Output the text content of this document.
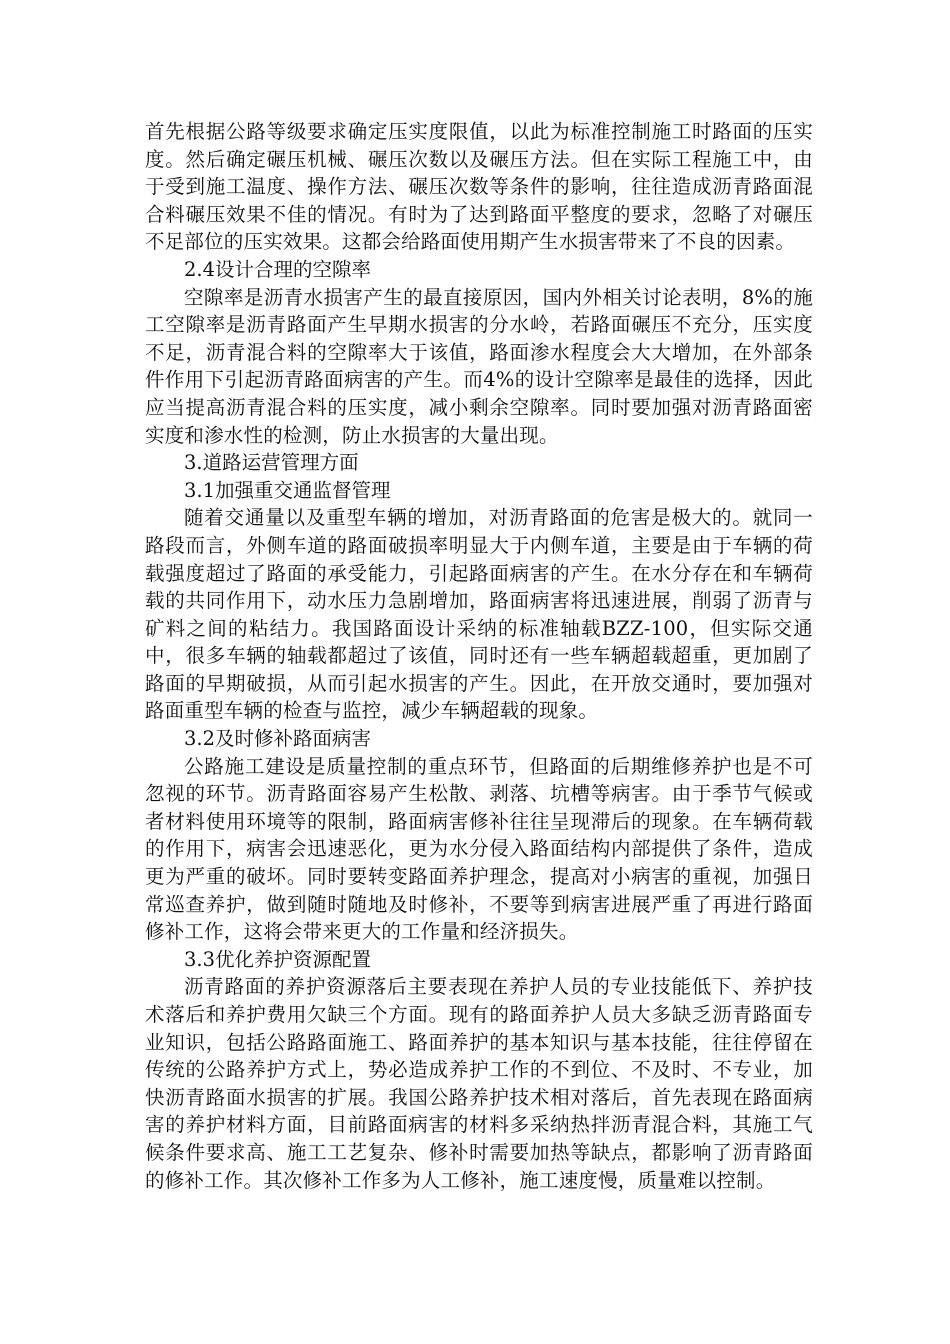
首先根据公路等级要求确定压实度限值，以此为标准控制施工时路面的压实度。然后确定碾压机械、碾压次数以及碾压方法。但在实际工程施工中，由于受到施工温度、操作方法、碾压次数等条件的影响，往往造成沥青路面混合料碾压效果不佳的情况。有时为了达到路面平整度的要求，忽略了对碾压不足部位的压实效果。这都会给路面使用期产生水损害带来了不良的因素。

2.4设计合理的空隙率

空隙率是沥青水损害产生的最直接原因，国内外相关讨论表明，8%的施工空隙率是沥青路面产生早期水损害的分水岭，若路面碾压不充分，压实度不足，沥青混合料的空隙率大于该值，路面渗水程度会大大增加，在外部条件作用下引起沥青路面病害的产生。而4%的设计空隙率是最佳的选择，因此应当提高沥青混合料的压实度，减小剩余空隙率。同时要加强对沥青路面密实度和渗水性的检测，防止水损害的大量出现。

3.道路运营管理方面

3.1加强重交通监督管理

随着交通量以及重型车辆的增加，对沥青路面的危害是极大的。就同一路段而言，外侧车道的路面破损率明显大于内侧车道，主要是由于车辆的荷载强度超过了路面的承受能力，引起路面病害的产生。在水分存在和车辆荷载的共同作用下，动水压力急剧增加，路面病害将迅速进展，削弱了沥青与矿料之间的粘结力。我国路面设计采纳的标准轴载BZZ-100，但实际交通中，很多车辆的轴载都超过了该值，同时还有一些车辆超载超重，更加剧了路面的早期破损，从而引起水损害的产生。因此，在开放交通时，要加强对路面重型车辆的检查与监控，减少车辆超载的现象。

3.2及时修补路面病害

公路施工建设是质量控制的重点环节，但路面的后期维修养护也是不可忽视的环节。沥青路面容易产生松散、剥落、坑槽等病害。由于季节气候或者材料使用环境等的限制，路面病害修补往往呈现滞后的现象。在车辆荷载的作用下，病害会迅速恶化，更为水分侵入路面结构内部提供了条件，造成更为严重的破坏。同时要转变路面养护理念，提高对小病害的重视，加强日常巡查养护，做到随时随地及时修补，不要等到病害进展严重了再进行路面修补工作，这将会带来更大的工作量和经济损失。

3.3优化养护资源配置

沥青路面的养护资源落后主要表现在养护人员的专业技能低下、养护技术落后和养护费用欠缺三个方面。现有的路面养护人员大多缺乏沥青路面专业知识，包括公路路面施工、路面养护的基本知识与基本技能，往往停留在传统的公路养护方式上，势必造成养护工作的不到位、不及时、不专业，加快沥青路面水损害的扩展。我国公路养护技术相对落后，首先表现在路面病害的养护材料方面，目前路面病害的材料多采纳热拌沥青混合料，其施工气候条件要求高、施工工艺复杂、修补时需要加热等缺点，都影响了沥青路面的修补工作。其次修补工作多为人工修补，施工速度慢，质量难以控制。
